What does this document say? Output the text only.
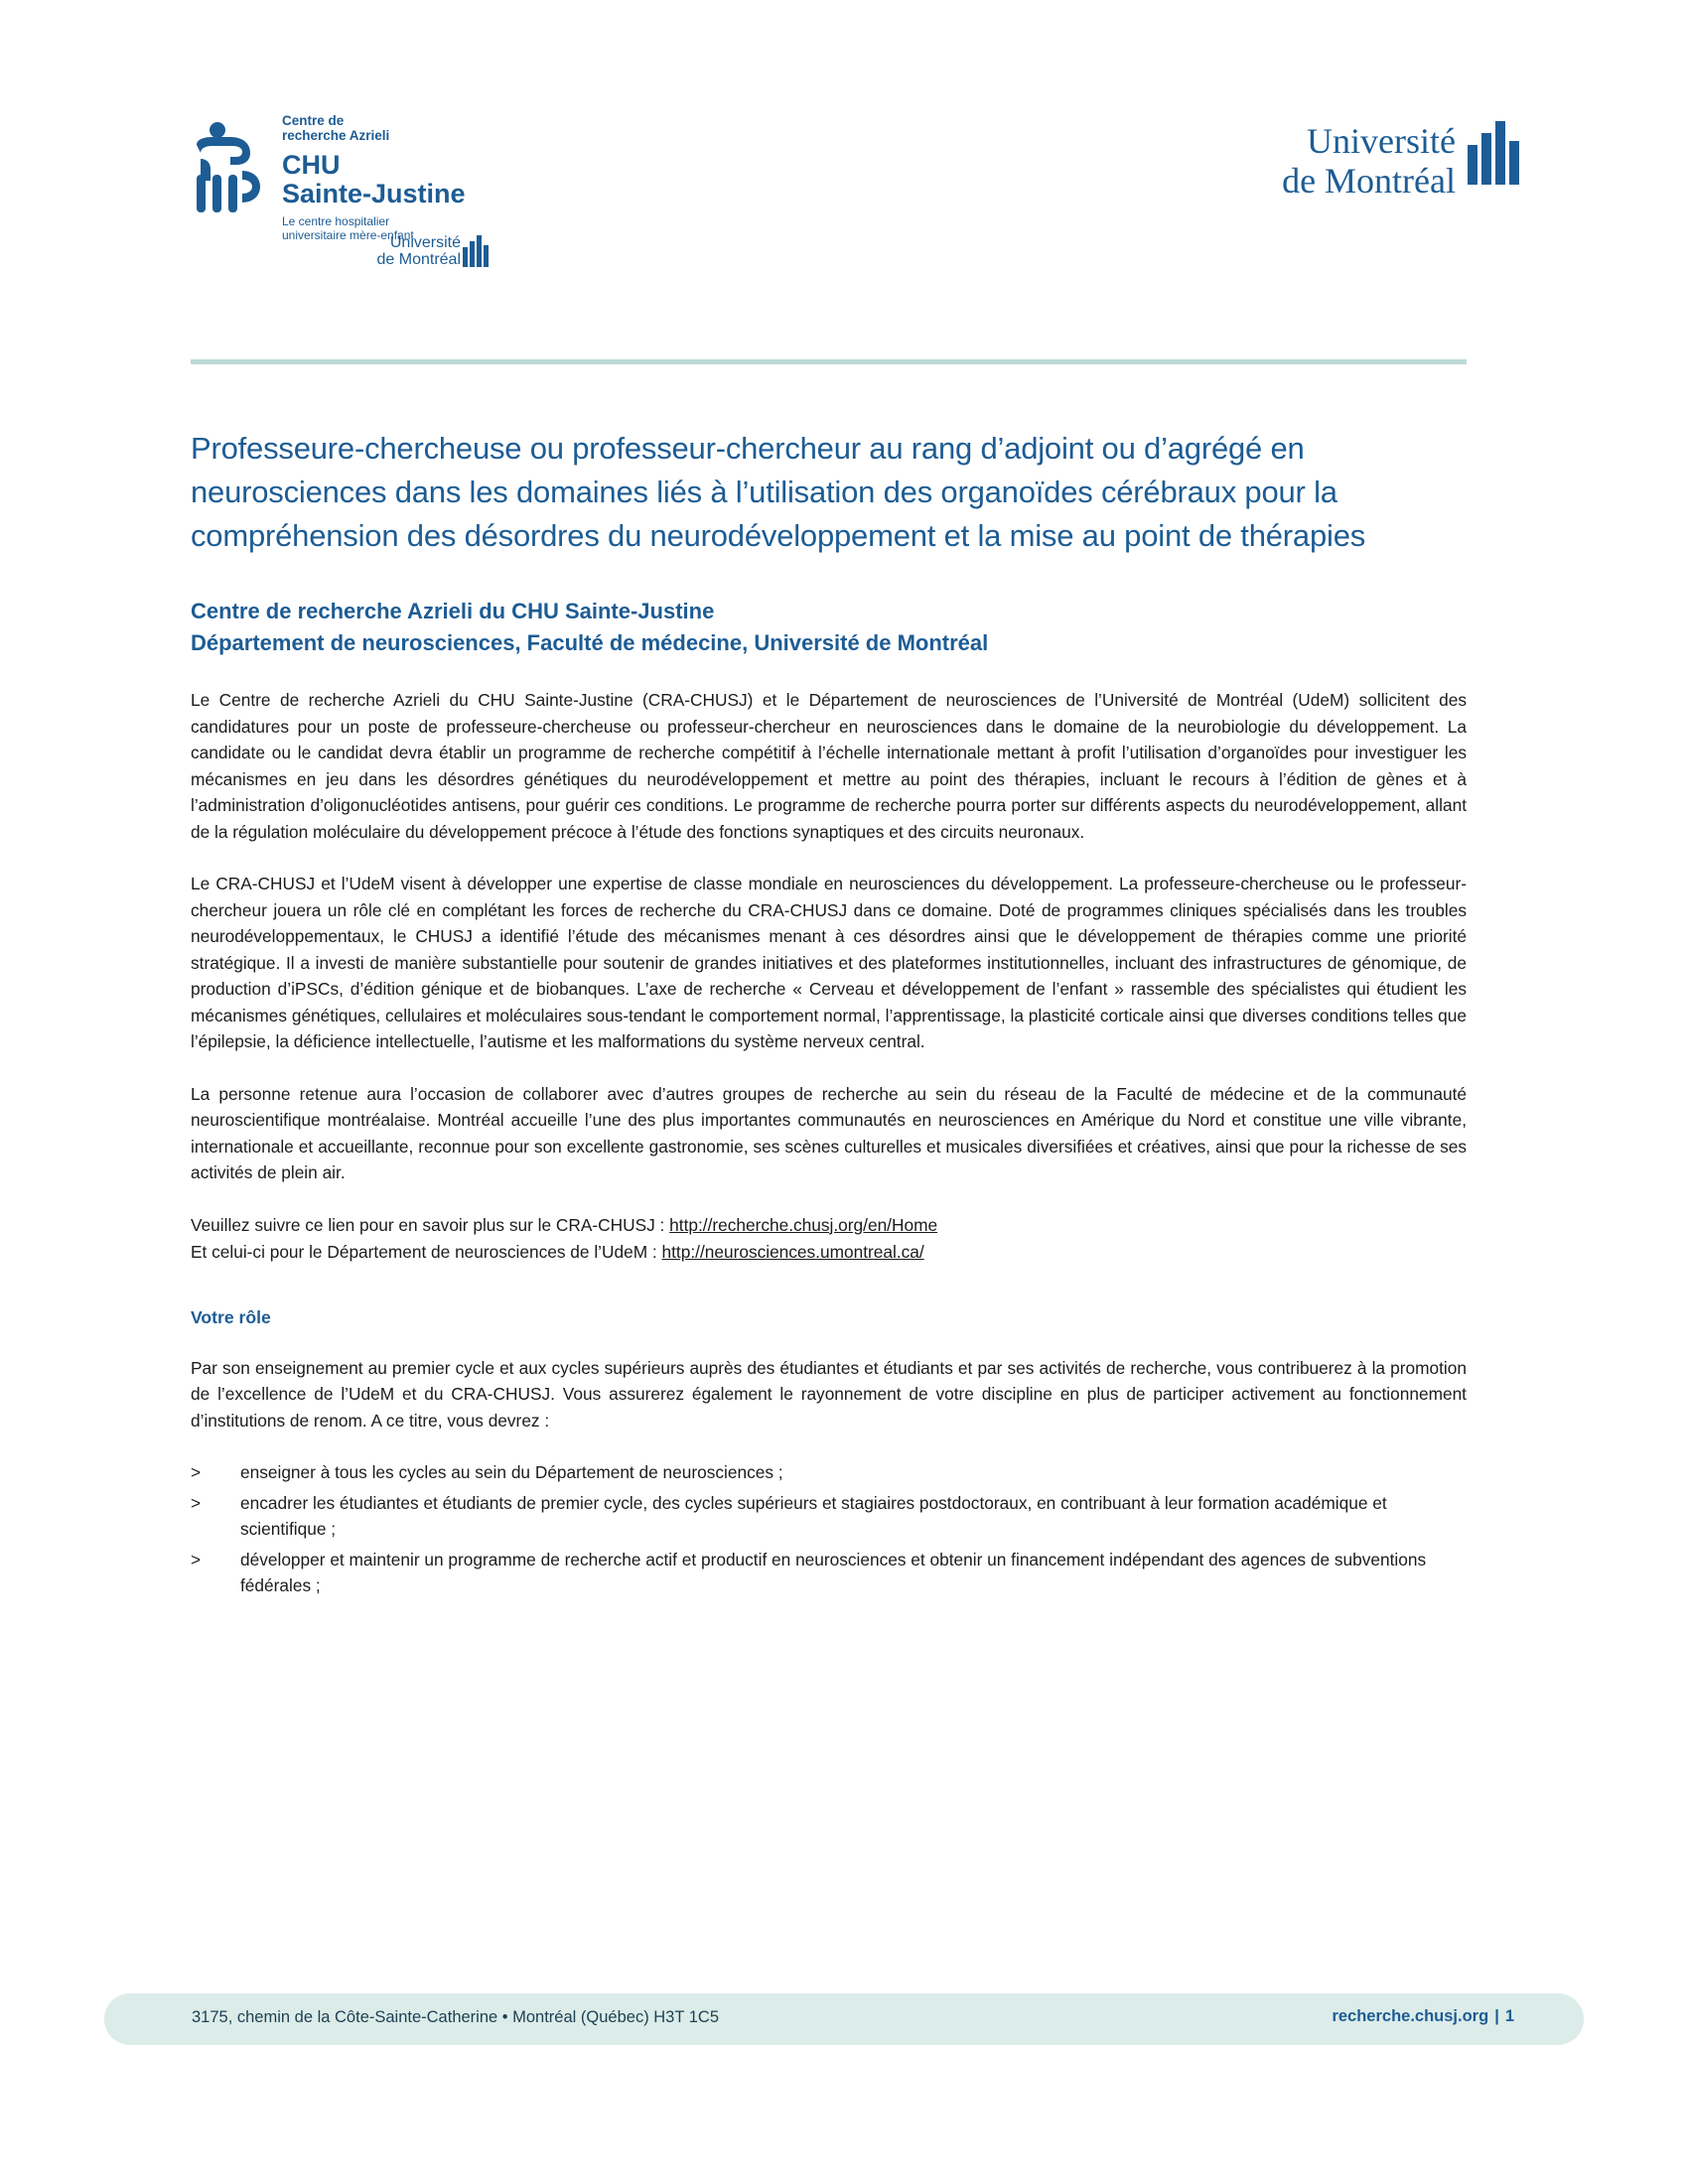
Centre de
recherche Azrieli
CHU
Sainte-Justine
Le centre hospitalier
universitaire mère-enfant
Université
de Montréal
Université
de Montréal
Professeure-chercheuse ou professeur-chercheur au rang d’adjoint ou d’agrégé en neurosciences dans les domaines liés à l’utilisation des organoïdes cérébraux pour la compréhension des désordres du neurodéveloppement et la mise au point de thérapies
Centre de recherche Azrieli du CHU Sainte-Justine
Département de neurosciences, Faculté de médecine, Université de Montréal

Le Centre de recherche Azrieli du CHU Sainte-Justine (CRA-CHUSJ) et le Département de neurosciences de l’Université de Montréal (UdeM) sollicitent des candidatures pour un poste de professeure-chercheuse ou professeur-chercheur en neurosciences dans le domaine de la neurobiologie du développement. La candidate ou le candidat devra établir un programme de recherche compétitif à l’échelle internationale mettant à profit l’utilisation d’organoïdes pour investiguer les mécanismes en jeu dans les désordres génétiques du neurodéveloppement et mettre au point des thérapies, incluant le recours à l’édition de gènes et à l’administration d’oligonucléotides antisens, pour guérir ces conditions. Le programme de recherche pourra porter sur différents aspects du neurodéveloppement, allant de la régulation moléculaire du développement précoce à l’étude des fonctions synaptiques et des circuits neuronaux.

Le CRA-CHUSJ et l’UdeM visent à développer une expertise de classe mondiale en neurosciences du développement. La professeure-chercheuse ou le professeur-chercheur jouera un rôle clé en complétant les forces de recherche du CRA-CHUSJ dans ce domaine. Doté de programmes cliniques spécialisés dans les troubles neurodéveloppementaux, le CHUSJ a identifié l’étude des mécanismes menant à ces désordres ainsi que le développement de thérapies comme une priorité stratégique. Il a investi de manière substantielle pour soutenir de grandes initiatives et des plateformes institutionnelles, incluant des infrastructures de génomique, de production d’iPSCs, d’édition génique et de biobanques. L’axe de recherche « Cerveau et développement de l’enfant » rassemble des spécialistes qui étudient les mécanismes génétiques, cellulaires et moléculaires sous-tendant le comportement normal, l’apprentissage, la plasticité corticale ainsi que diverses conditions telles que l’épilepsie, la déficience intellectuelle, l’autisme et les malformations du système nerveux central.

La personne retenue aura l’occasion de collaborer avec d’autres groupes de recherche au sein du réseau de la Faculté de médecine et de la communauté neuroscientifique montréalaise. Montréal accueille l’une des plus importantes communautés en neurosciences en Amérique du Nord et constitue une ville vibrante, internationale et accueillante, reconnue pour son excellente gastronomie, ses scènes culturelles et musicales diversifiées et créatives, ainsi que pour la richesse de ses activités de plein air.

Veuillez suivre ce lien pour en savoir plus sur le CRA-CHUSJ : http://recherche.chusj.org/en/Home
Et celui-ci pour le Département de neurosciences de l’UdeM : http://neurosciences.umontreal.ca/
Votre rôle

Par son enseignement au premier cycle et aux cycles supérieurs auprès des étudiantes et étudiants et par ses activités de recherche, vous contribuerez à la promotion de l’excellence de l’UdeM et du CRA-CHUSJ. Vous assurerez également le rayonnement de votre discipline en plus de participer activement au fonctionnement d’institutions de renom. A ce titre, vous devrez :

> enseigner à tous les cycles au sein du Département de neurosciences ;
> encadrer les étudiantes et étudiants de premier cycle, des cycles supérieurs et stagiaires postdoctoraux, en contribuant à leur formation académique et scientifique ;
> développer et maintenir un programme de recherche actif et productif en neurosciences et obtenir un financement indépendant des agences de subventions fédérales ;
3175, chemin de la Côte-Sainte-Catherine • Montréal (Québec) H3T 1C5	recherche.chusj.org | 1
